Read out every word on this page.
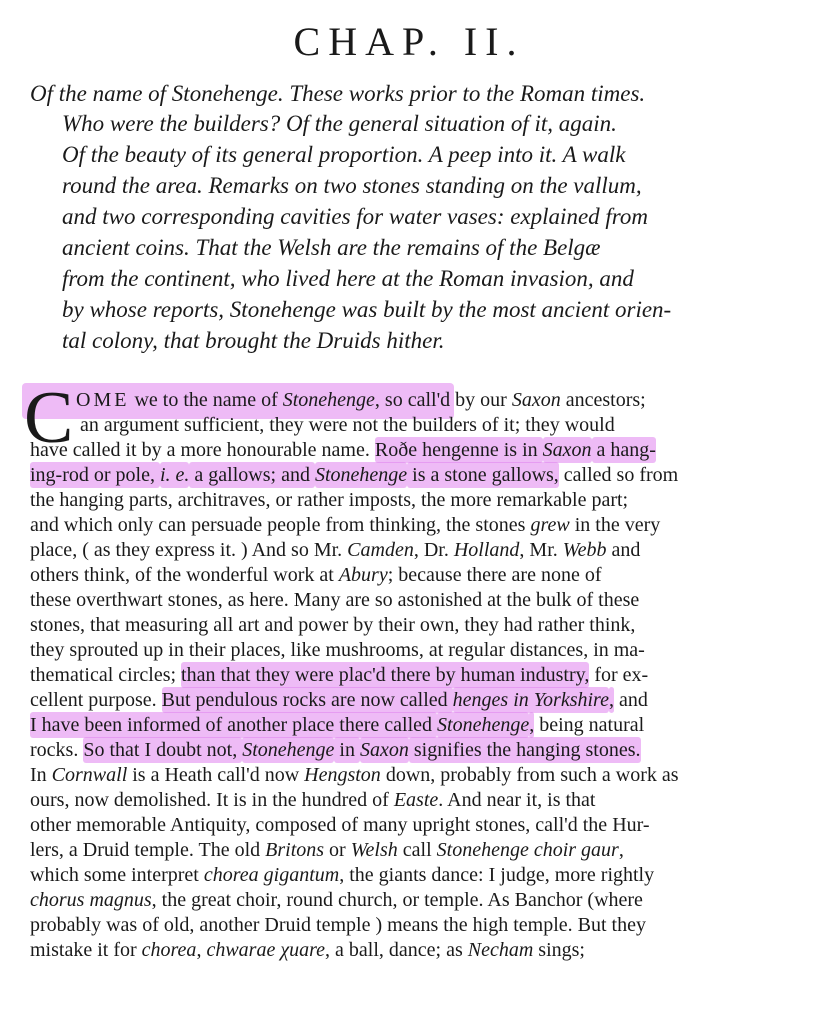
CHAP. II.
Of the name of Stonehenge. These works prior to the Roman times.
Who were the builders? Of the general situation of it, again.
Of the beauty of its general proportion. A peep into it. A walk
round the area. Remarks on two stones standing on the vallum,
and two corresponding cavities for water vases: explained from
ancient coins. That the Welsh are the remains of the Belgæ
from the continent, who lived here at the Roman invasion, and
by whose reports, Stonehenge was built by the most ancient orien-
tal colony, that brought the Druids hither.
C OME we to the name of Stonehenge, so call'd by our Saxon ancestors;
an argument sufficient, they were not the builders of it; they would
have called it by a more honourable name. Roðe hengenne is in Saxon a hang-
ing-rod or pole, i. e. a gallows; and Stonehenge is a stone gallows, called so from
the hanging parts, architraves, or rather imposts, the more remarkable part;
and which only can persuade people from thinking, the stones grew in the very
place, ( as they express it. ) And so Mr. Camden, Dr. Holland, Mr. Webb and
others think, of the wonderful work at Abury; because there are none of
these overthwart stones, as here. Many are so astonished at the bulk of these
stones, that measuring all art and power by their own, they had rather think,
they sprouted up in their places, like mushrooms, at regular distances, in ma-
thematical circles; than that they were plac'd there by human industry, for ex-
cellent purpose. But pendulous rocks are now called henges in Yorkshire, and
I have been informed of another place there called Stonehenge, being natural
rocks. So that I doubt not, Stonehenge in Saxon signifies the hanging stones.
In Cornwall is a Heath call'd now Hengston down, probably from such a work as
ours, now demolished. It is in the hundred of Easte. And near it, is that
other memorable Antiquity, composed of many upright stones, call'd the Hur-
lers, a Druid temple. The old Britons or Welsh call Stonehenge choir gaur,
which some interpret chorea gigantum, the giants dance: I judge, more rightly
chorus magnus, the great choir, round church, or temple. As Banchor (where
probably was of old, another Druid temple ) means the high temple. But they
mistake it for chorea, chwarae χuare, a ball, dance; as Necham sings;
